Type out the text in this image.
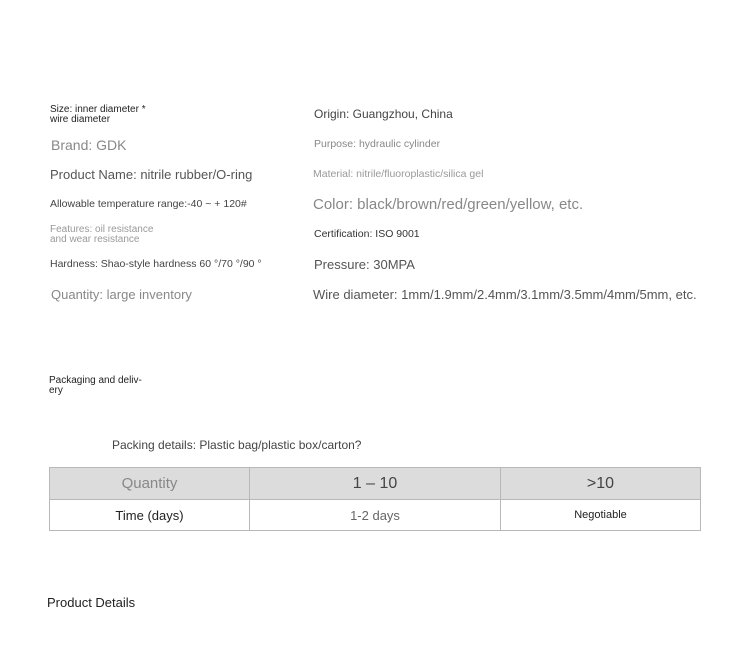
Size: inner diameter *
wire diameter	Origin: Guangzhou, China
Brand: GDK	Purpose: hydraulic cylinder
Product Name: nitrile rubber/O-ring	Material: nitrile/fluoroplastic/silica gel
Allowable temperature range:-40 ~ + 120#	Color: black/brown/red/green/yellow, etc.
Features: oil resistance
and wear resistance	Certification: ISO 9001
Hardness: Shao-style hardness 60 °/70 °/90 °	Pressure: 30MPA
Quantity: large inventory	Wire diameter: 1mm/1.9mm/2.4mm/3.1mm/3.5mm/4mm/5mm, etc.
Packaging and deliv-
ery
Packing details: Plastic bag/plastic box/carton?
Quantity	1 – 10	>10
Time (days)	1-2 days	Negotiable
Product Details
